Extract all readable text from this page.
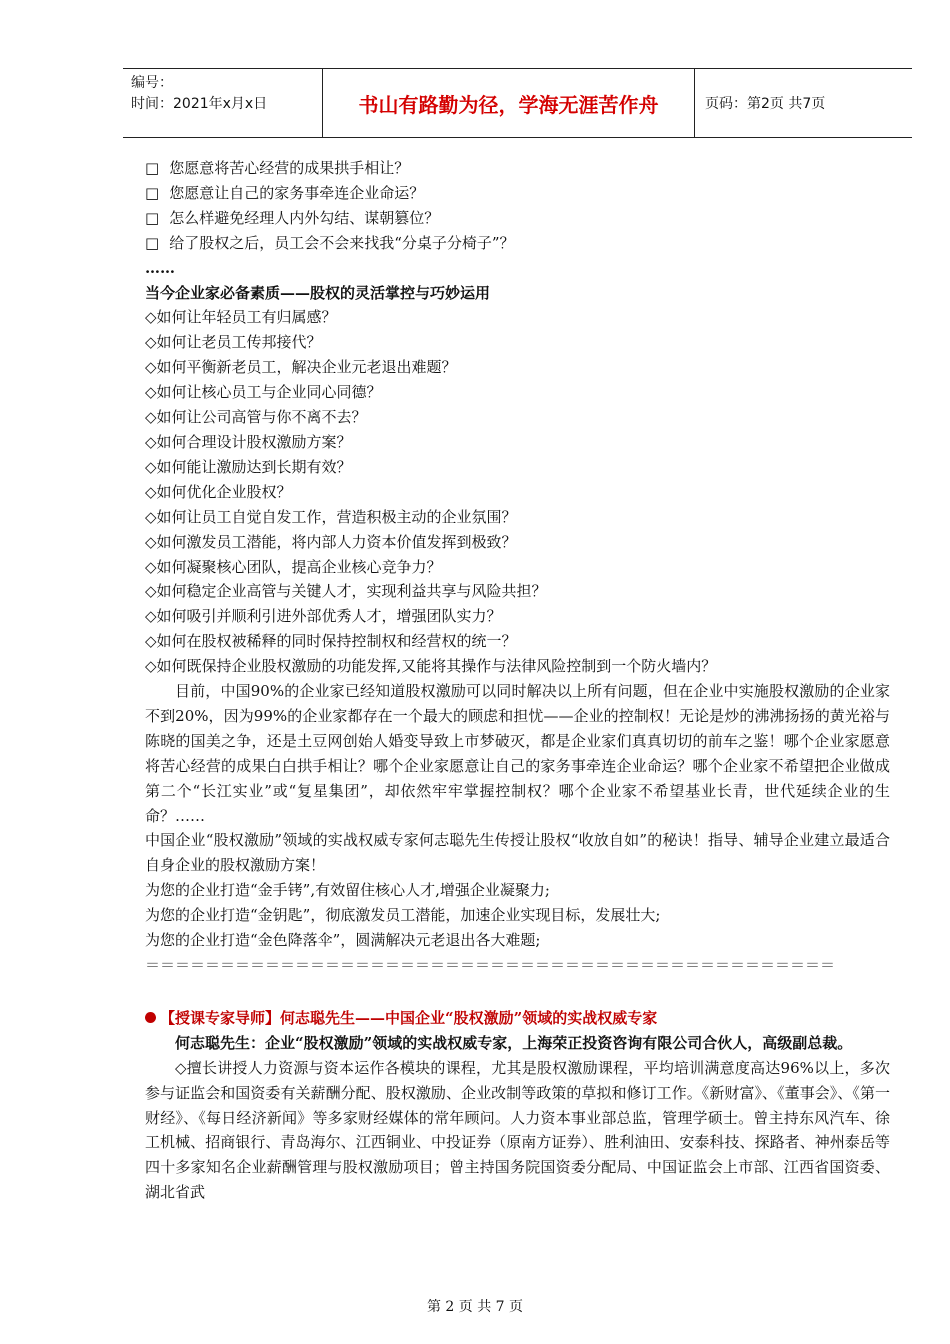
编号：
时间：2021年x月x日	书山有路勤为径，学海无涯苦作舟	页码：第2页 共7页
□ 您愿意将苦心经营的成果拱手相让？
□ 您愿意让自己的家务事牵连企业命运？
□ 怎么样避免经理人内外勾结、谋朝篡位？
□ 给了股权之后，员工会不会来找我“分桌子分椅子”？
……
当今企业家必备素质——股权的灵活掌控与巧妙运用
◇如何让年轻员工有归属感？
◇如何让老员工传邦接代？
◇如何平衡新老员工，解决企业元老退出难题？
◇如何让核心员工与企业同心同德？
◇如何让公司高管与你不离不去？
◇如何合理设计股权激励方案？
◇如何能让激励达到长期有效？
◇如何优化企业股权？
◇如何让员工自觉自发工作，营造积极主动的企业氛围？
◇如何激发员工潜能，将内部人力资本价值发挥到极致？
◇如何凝聚核心团队，提高企业核心竞争力？
◇如何稳定企业高管与关键人才，实现利益共享与风险共担？
◇如何吸引并顺利引进外部优秀人才，增强团队实力？
◇如何在股权被稀释的同时保持控制权和经营权的统一？
◇如何既保持企业股权激励的功能发挥,又能将其操作与法律风险控制到一个防火墙内？
目前，中国90%的企业家已经知道股权激励可以同时解决以上所有问题，但在企业中实施股权激励的企业家不到20%，因为99%的企业家都存在一个最大的顾虑和担忧——企业的控制权！无论是炒的沸沸扬扬的黄光裕与陈晓的国美之争，还是土豆网创始人婚变导致上市梦破灭，都是企业家们真真切切的前车之鉴！哪个企业家愿意将苦心经营的成果白白拱手相让？哪个企业家愿意让自己的家务事牵连企业命运？哪个企业家不希望把企业做成第二个“长江实业”或“复星集团”，却依然牢牢掌握控制权？哪个企业家不希望基业长青，世代延续企业的生命？……
中国企业“股权激励”领域的实战权威专家何志聪先生传授让股权“收放自如”的秘诀！指导、辅导企业建立最适合自身企业的股权激励方案！
为您的企业打造“金手铐”,有效留住核心人才,增强企业凝聚力;
为您的企业打造“金钥匙”，彻底激发员工潜能，加速企业实现目标，发展壮大;
为您的企业打造“金色降落伞”，圆满解决元老退出各大难题;
＝＝＝＝＝＝＝＝＝＝＝＝＝＝＝＝＝＝＝＝＝＝＝＝＝＝＝＝＝＝＝＝＝＝＝＝＝＝＝＝＝＝＝＝＝＝
【授课专家导师】何志聪先生——中国企业“股权激励”领域的实战权威专家
何志聪先生：企业“股权激励”领域的实战权威专家，上海荣正投资咨询有限公司合伙人，高级副总裁。
◇擅长讲授人力资源与资本运作各模块的课程，尤其是股权激励课程，平均培训满意度高达96%以上，多次参与证监会和国资委有关薪酬分配、股权激励、企业改制等政策的草拟和修订工作。《新财富》、《董事会》、《第一财经》、《每日经济新闻》等多家财经媒体的常年顾问。人力资本事业部总监，管理学硕士。曾主持东风汽车、徐工机械、招商银行、青岛海尔、江西铜业、中投证券（原南方证券）、胜利油田、安泰科技、探路者、神州泰岳等四十多家知名企业薪酬管理与股权激励项目；曾主持国务院国资委分配局、中国证监会上市部、江西省国资委、湖北省武
第 2 页 共 7 页
